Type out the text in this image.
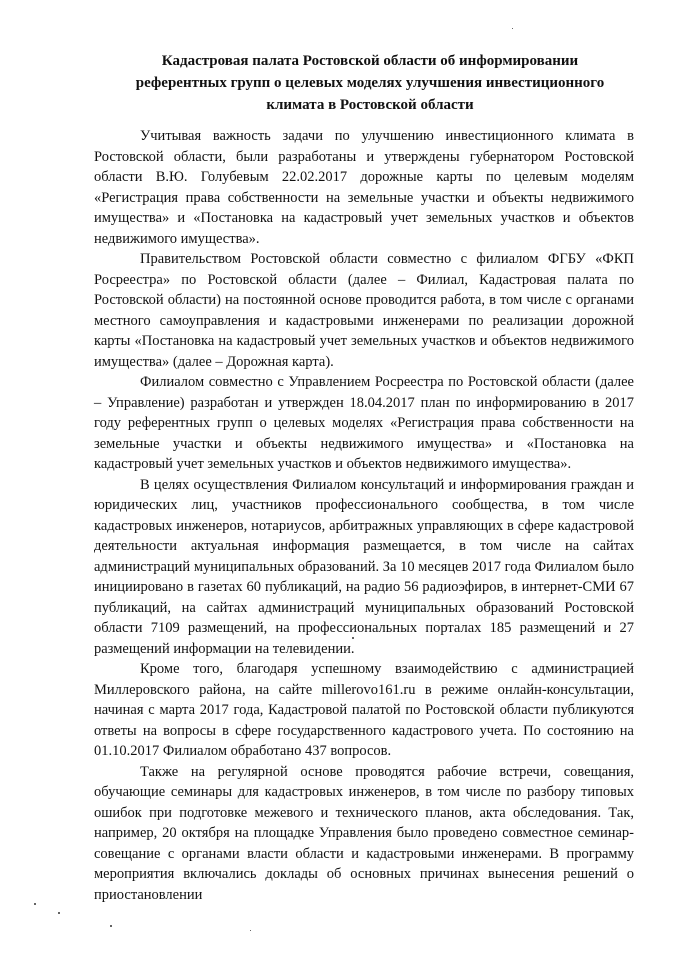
Кадастровая палата Ростовской области об информировании
референтных групп о целевых моделях улучшения инвестиционного
климата в Ростовской области

Учитывая важность задачи по улучшению инвестиционного климата в Ростовской области, были разработаны и утверждены губернатором Ростовской области В.Ю. Голубевым 22.02.2017 дорожные карты по целевым моделям «Регистрация права собственности на земельные участки и объекты недвижимого имущества» и «Постановка на кадастровый учет земельных участков и объектов недвижимого имущества».

Правительством Ростовской области совместно с филиалом ФГБУ «ФКП Росреестра» по Ростовской области (далее – Филиал, Кадастровая палата по Ростовской области) на постоянной основе проводится работа, в том числе с органами местного самоуправления и кадастровыми инженерами по реализации дорожной карты «Постановка на кадастровый учет земельных участков и объектов недвижимого имущества» (далее – Дорожная карта).

Филиалом совместно с Управлением Росреестра по Ростовской области (далее – Управление) разработан и утвержден 18.04.2017 план по информированию в 2017 году референтных групп о целевых моделях «Регистрация права собственности на земельные участки и объекты недвижимого имущества» и «Постановка на кадастровый учет земельных участков и объектов недвижимого имущества».

В целях осуществления Филиалом консультаций и информирования граждан и юридических лиц, участников профессионального сообщества, в том числе кадастровых инженеров, нотариусов, арбитражных управляющих в сфере кадастровой деятельности актуальная информация размещается, в том числе на сайтах администраций муниципальных образований. За 10 месяцев 2017 года Филиалом было инициировано в газетах 60 публикаций, на радио 56 радиоэфиров, в интернет-СМИ 67 публикаций, на сайтах администраций муниципальных образований Ростовской области 7109 размещений, на профессиональных порталах 185 размещений и 27 размещений информации на телевидении.

Кроме того, благодаря успешному взаимодействию с администрацией Миллеровского района, на сайте millerovo161.ru в режиме онлайн-консультации, начиная с марта 2017 года, Кадастровой палатой по Ростовской области публикуются ответы на вопросы в сфере государственного кадастрового учета. По состоянию на 01.10.2017 Филиалом обработано 437 вопросов.

Также на регулярной основе проводятся рабочие встречи, совещания, обучающие семинары для кадастровых инженеров, в том числе по разбору типовых ошибок при подготовке межевого и технического планов, акта обследования. Так, например, 20 октября на площадке Управления было проведено совместное семинар-совещание с органами власти области и кадастровыми инженерами. В программу мероприятия включались доклады об основных причинах вынесения решений о приостановлении
